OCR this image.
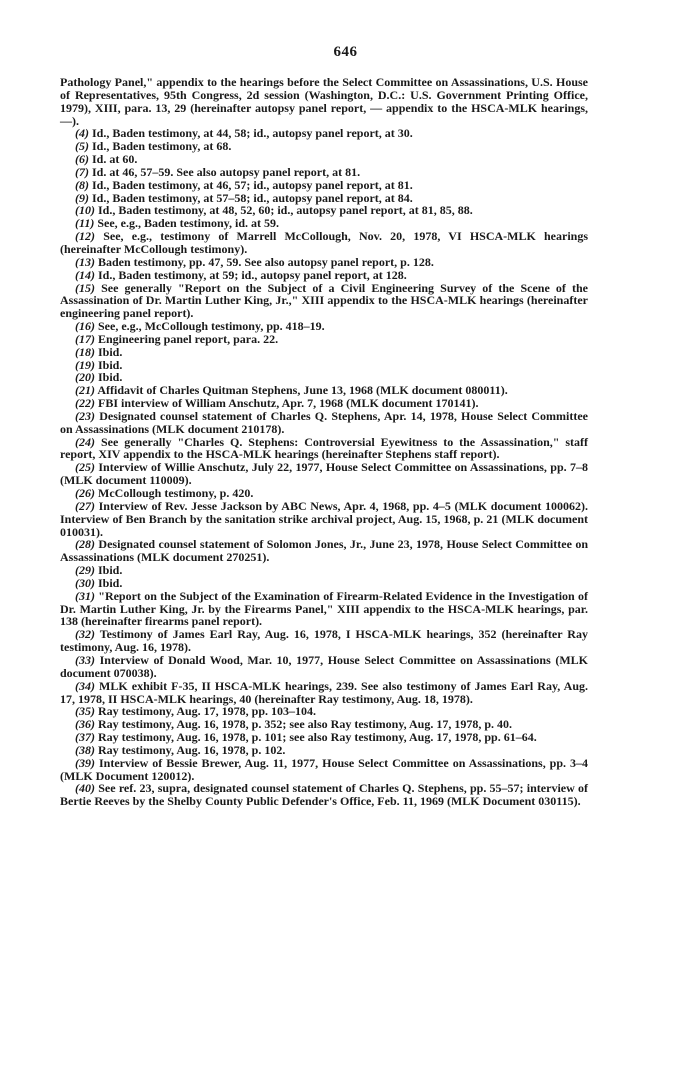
646

Pathology Panel," appendix to the hearings before the Select Committee on Assassinations, U.S. House of Representatives, 95th Congress, 2d session (Washington, D.C.: U.S. Government Printing Office, 1979), XIII, para. 13, 29 (hereinafter autopsy panel report, — appendix to the HSCA-MLK hearings, —).

(4) Id., Baden testimony, at 44, 58; id., autopsy panel report, at 30.

(5) Id., Baden testimony, at 68.

(6) Id. at 60.

(7) Id. at 46, 57–59. See also autopsy panel report, at 81.

(8) Id., Baden testimony, at 46, 57; id., autopsy panel report, at 81.

(9) Id., Baden testimony, at 57–58; id., autopsy panel report, at 84.

(10) Id., Baden testimony, at 48, 52, 60; id., autopsy panel report, at 81, 85, 88.

(11) See, e.g., Baden testimony, id. at 59.

(12) See, e.g., testimony of Marrell McCollough, Nov. 20, 1978, VI HSCA-MLK hearings (hereinafter McCollough testimony).

(13) Baden testimony, pp. 47, 59. See also autopsy panel report, p. 128.

(14) Id., Baden testimony, at 59; id., autopsy panel report, at 128.

(15) See generally "Report on the Subject of a Civil Engineering Survey of the Scene of the Assassination of Dr. Martin Luther King, Jr.," XIII appendix to the HSCA-MLK hearings (hereinafter engineering panel report).

(16) See, e.g., McCollough testimony, pp. 418–19.

(17) Engineering panel report, para. 22.

(18) Ibid.

(19) Ibid.

(20) Ibid.

(21) Affidavit of Charles Quitman Stephens, June 13, 1968 (MLK document 080011).

(22) FBI interview of William Anschutz, Apr. 7, 1968 (MLK document 170141).

(23) Designated counsel statement of Charles Q. Stephens, Apr. 14, 1978, House Select Committee on Assassinations (MLK document 210178).

(24) See generally "Charles Q. Stephens: Controversial Eyewitness to the Assassination," staff report, XIV appendix to the HSCA-MLK hearings (hereinafter Stephens staff report).

(25) Interview of Willie Anschutz, July 22, 1977, House Select Committee on Assassinations, pp. 7–8 (MLK document 110009).

(26) McCollough testimony, p. 420.

(27) Interview of Rev. Jesse Jackson by ABC News, Apr. 4, 1968, pp. 4–5 (MLK document 100062). Interview of Ben Branch by the sanitation strike archival project, Aug. 15, 1968, p. 21 (MLK document 010031).

(28) Designated counsel statement of Solomon Jones, Jr., June 23, 1978, House Select Committee on Assassinations (MLK document 270251).

(29) Ibid.

(30) Ibid.

(31) "Report on the Subject of the Examination of Firearm-Related Evidence in the Investigation of Dr. Martin Luther King, Jr. by the Firearms Panel," XIII appendix to the HSCA-MLK hearings, par. 138 (hereinafter firearms panel report).

(32) Testimony of James Earl Ray, Aug. 16, 1978, I HSCA-MLK hearings, 352 (hereinafter Ray testimony, Aug. 16, 1978).

(33) Interview of Donald Wood, Mar. 10, 1977, House Select Committee on Assassinations (MLK document 070038).

(34) MLK exhibit F-35, II HSCA-MLK hearings, 239. See also testimony of James Earl Ray, Aug. 17, 1978, II HSCA-MLK hearings, 40 (hereinafter Ray testimony, Aug. 18, 1978).

(35) Ray testimony, Aug. 17, 1978, pp. 103–104.

(36) Ray testimony, Aug. 16, 1978, p. 352; see also Ray testimony, Aug. 17, 1978, p. 40.

(37) Ray testimony, Aug. 16, 1978, p. 101; see also Ray testimony, Aug. 17, 1978, pp. 61–64.

(38) Ray testimony, Aug. 16, 1978, p. 102.

(39) Interview of Bessie Brewer, Aug. 11, 1977, House Select Committee on Assassinations, pp. 3–4 (MLK Document 120012).

(40) See ref. 23, supra, designated counsel statement of Charles Q. Stephens, pp. 55–57; interview of Bertie Reeves by the Shelby County Public Defender's Office, Feb. 11, 1969 (MLK Document 030115).
